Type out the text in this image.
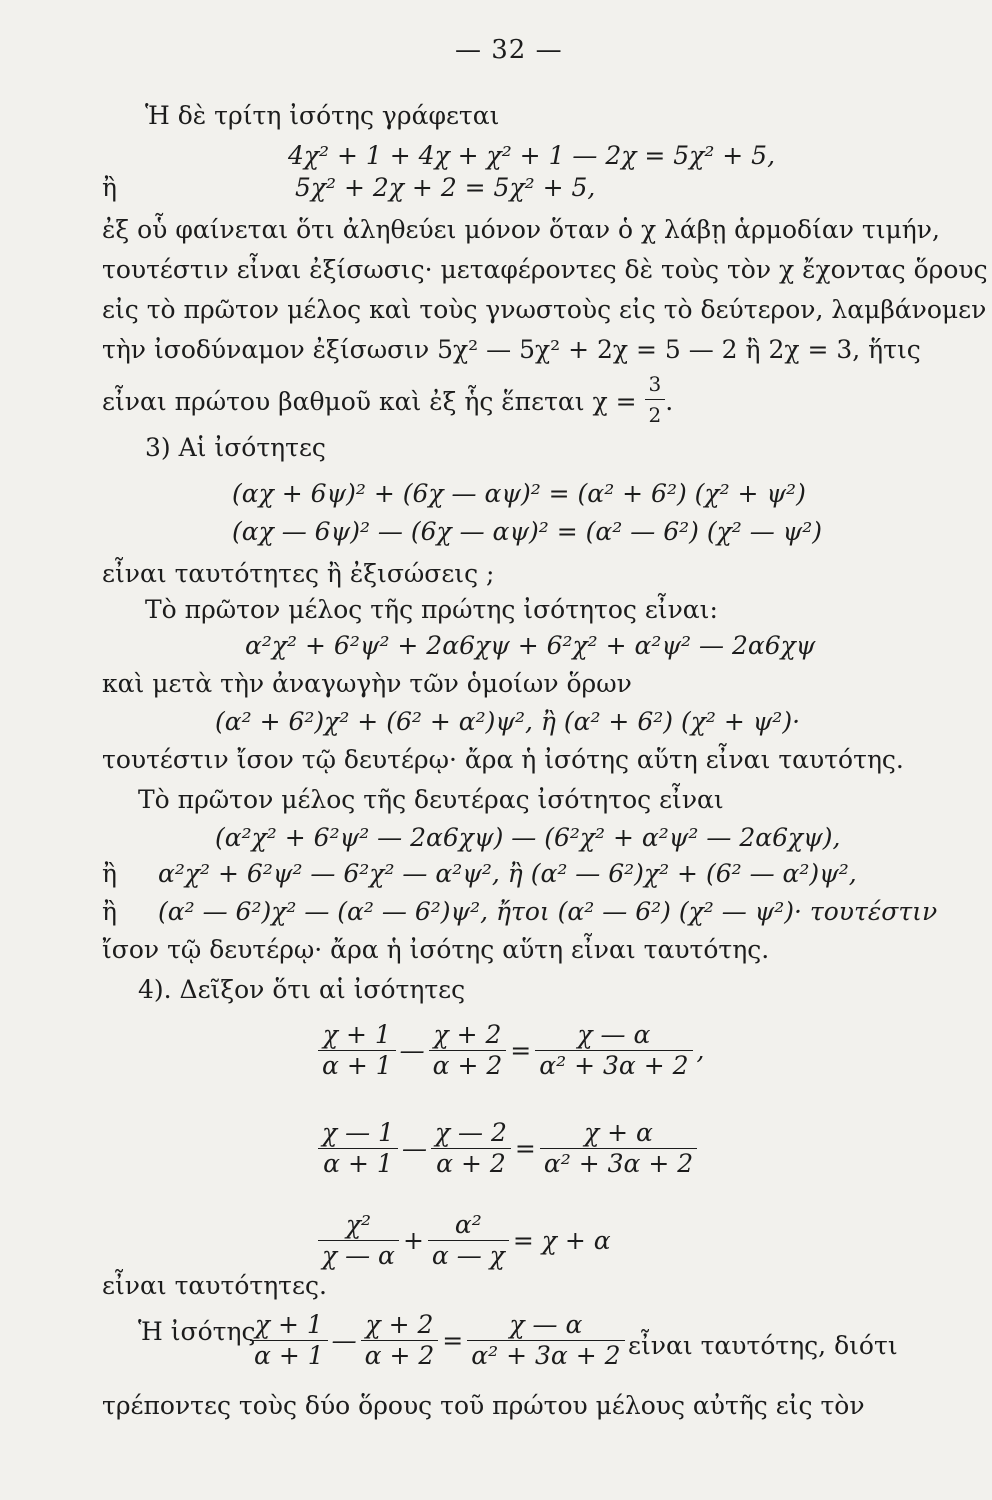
— 32 —
Ἡ δὲ τρίτη ἰσότης γράφεται
4χ² + 1 + 4χ + χ² + 1 — 2χ = 5χ² + 5,
ἢ	5χ² + 2χ + 2 = 5χ² + 5,
ἐξ οὗ φαίνεται ὅτι ἀληθεύει μόνον ὅταν ὁ χ λάβῃ ἁρμοδίαν τιμήν,
τουτέστιν εἶναι ἐξίσωσις· μεταφέροντες δὲ τοὺς τὸν χ ἔχοντας ὅρους
εἰς τὸ πρῶτον μέλος καὶ τοὺς γνωστοὺς εἰς τὸ δεύτερον, λαμβάνομεν
τὴν ἰσοδύναμον ἐξίσωσιν 5χ² — 5χ² + 2χ = 5 — 2 ἢ 2χ = 3, ἥτις
εἶναι πρώτου βαθμοῦ καὶ ἐξ ἧς ἕπεται $\chi = \frac{3}{2}$ .
3) Αἱ ἰσότητες
(αχ + 6ψ)² + (6χ — αψ)² = (α² + 6²) (χ² + ψ²)
(αχ — 6ψ)² — (6χ — αψ)² = (α² — 6²) (χ² — ψ²)
εἶναι ταυτότητες ἢ ἐξισώσεις ;
Τὸ πρῶτον μέλος τῆς πρώτης ἰσότητος εἶναι:
α²χ² + 6²ψ² + 2α6χψ + 6²χ² + α²ψ² — 2α6χψ
καὶ μετὰ τὴν ἀναγωγὴν τῶν ὁμοίων ὅρων
(α² + 6²)χ² + (6² + α²)ψ², ἢ (α² + 6²) (χ² + ψ²)·
τουτέστιν ἴσον τῷ δευτέρῳ· ἄρα ἡ ἰσότης αὕτη εἶναι ταυτότης.
Τὸ πρῶτον μέλος τῆς δευτέρας ἰσότητος εἶναι
(α²χ² + 6²ψ² — 2α6χψ) — (6²χ² + α²ψ² — 2α6χψ),
ἢ α²χ² + 6²ψ² — 6²χ² — α²ψ², ἢ (α² — 6²)χ² + (6² — α²)ψ²,
ἢ (α² — 6²)χ² — (α² — 6²)ψ², ἤτοι (α² — 6²) (χ² — ψ²)· τουτέστιν
ἴσον τῷ δευτέρῳ· ἄρα ἡ ἰσότης αὕτη εἶναι ταυτότης.
4). Δεῖξον ὅτι αἱ ἰσότητες
$\frac{\chi + 1}{\alpha + 1}$ — $\frac{\chi + 2}{\alpha + 2} = \frac{\chi — \alpha}{\text{α² + 3α + 2}}$ ,
$\frac{\chi — 1}{\alpha + 1}$ — $\frac{\chi — 2}{\alpha + 2} = \frac{\chi + \alpha}{\text{α² + 3α + 2}}$
$\frac{\text{χ²}}{\chi — \alpha} + \frac{\text{α²}}{\alpha — \chi} = \chi + \alpha$
εἶναι ταυτότητες.
Ἡ ἰσότης
$\frac{\chi + 1}{\alpha + 1}$ — $\frac{\chi + 2}{\alpha + 2} = \frac{\chi — \alpha}{\text{α² + 3α + 2}}$ εἶναι ταυτότης, διότι
τρέποντες τοὺς δύο ὅρους τοῦ πρώτου μέλους αὐτῆς εἰς τὸν
